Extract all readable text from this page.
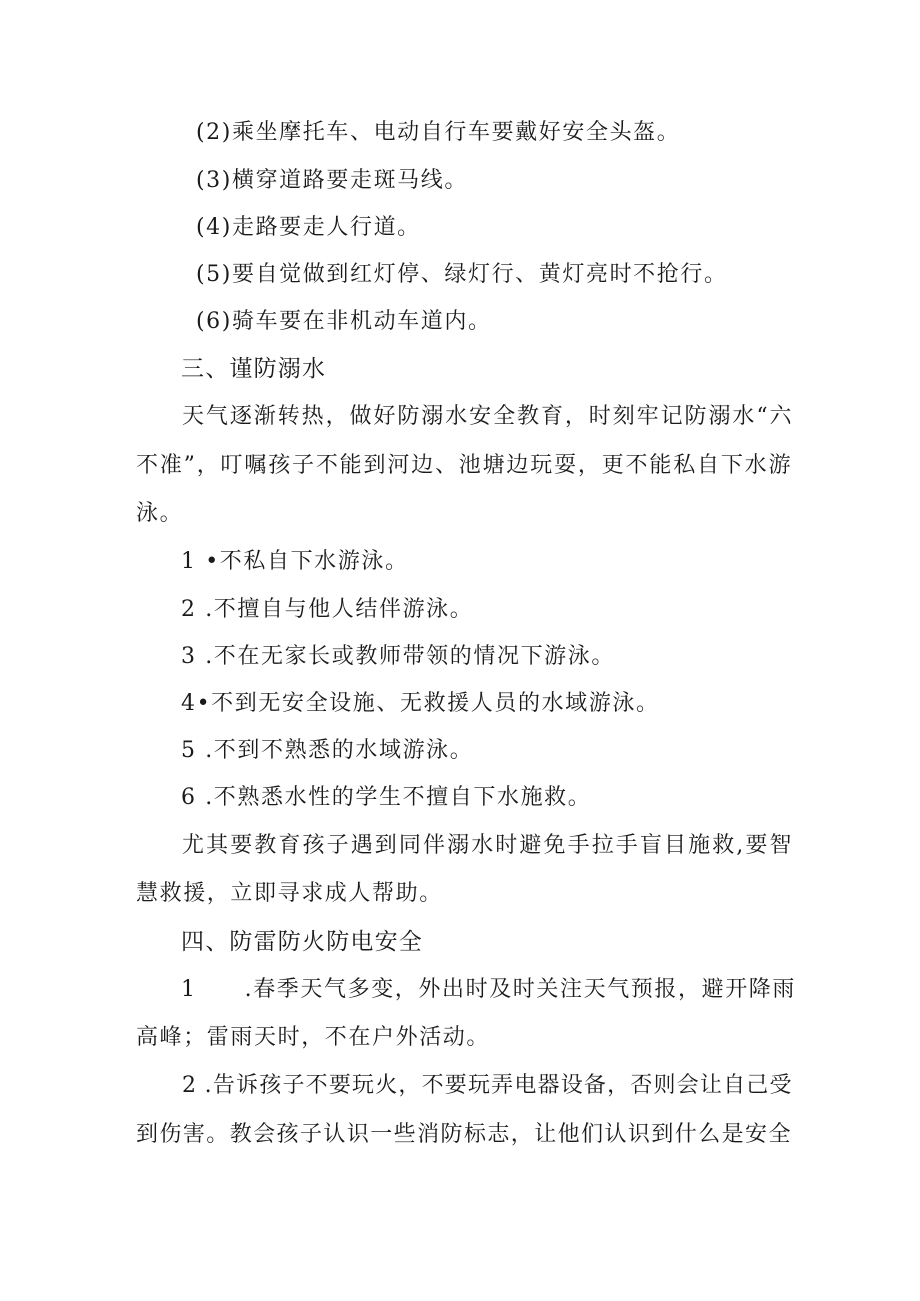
(2)乘坐摩托车、电动自行车要戴好安全头盔。
(3)横穿道路要走斑马线。
(4)走路要走人行道。
(5)要自觉做到红灯停、绿灯行、黄灯亮时不抢行。
(6)骑车要在非机动车道内。
三、谨防溺水
天气逐渐转热，做好防溺水安全教育，时刻牢记防溺水“六
不准”，叮嘱孩子不能到河边、池塘边玩耍，更不能私自下水游
泳。
1 •不私自下水游泳。
2 .不擅自与他人结伴游泳。
3 .不在无家长或教师带领的情况下游泳。
4•不到无安全设施、无救援人员的水域游泳。
5 .不到不熟悉的水域游泳。
6 .不熟悉水性的学生不擅自下水施救。
尤其要教育孩子遇到同伴溺水时避免手拉手盲目施救,要智
慧救援，立即寻求成人帮助。
四、防雷防火防电安全
1 .春季天气多变，外出时及时关注天气预报，避开降雨
高峰；雷雨天时，不在户外活动。
2 .告诉孩子不要玩火，不要玩弄电器设备，否则会让自己受
到伤害。教会孩子认识一些消防标志，让他们认识到什么是安全
